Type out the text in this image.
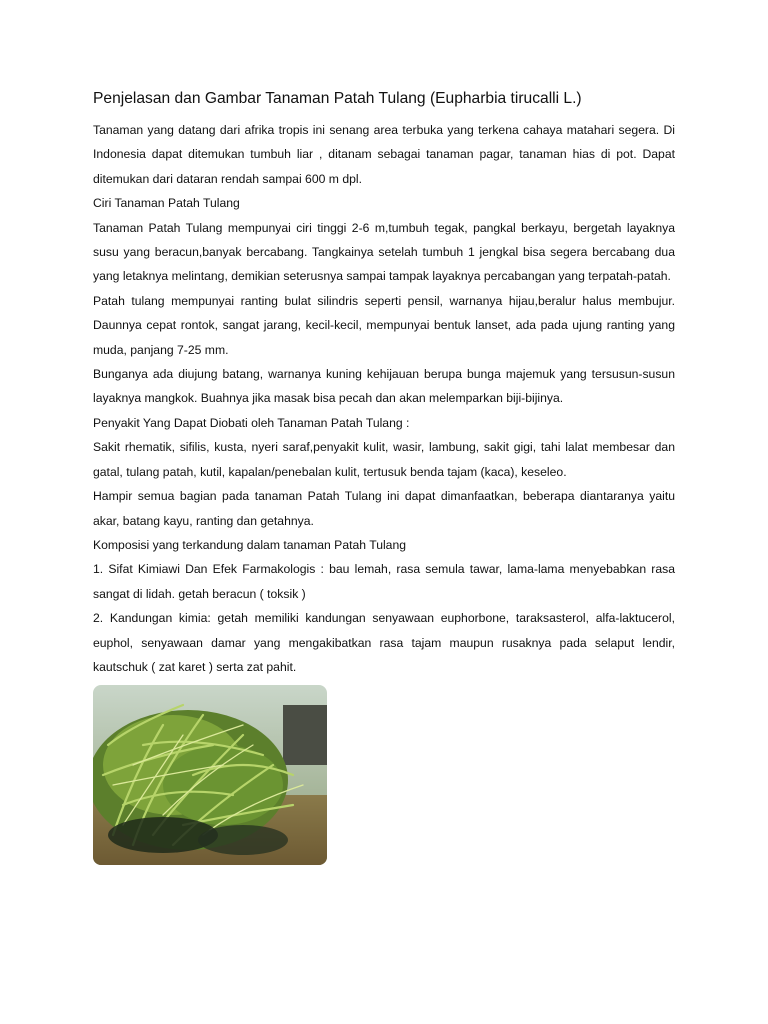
Penjelasan dan Gambar Tanaman Patah Tulang (Eupharbia tirucalli L.)

Tanaman yang datang dari afrika tropis ini senang area terbuka yang terkena cahaya matahari segera. Di Indonesia dapat ditemukan tumbuh liar , ditanam sebagai tanaman pagar, tanaman hias di pot. Dapat ditemukan dari dataran rendah sampai 600 m dpl.

Ciri Tanaman Patah Tulang

Tanaman Patah Tulang mempunyai ciri tinggi 2-6 m,tumbuh tegak, pangkal berkayu, bergetah layaknya susu yang beracun,banyak bercabang. Tangkainya setelah tumbuh 1 jengkal bisa segera bercabang dua yang letaknya melintang, demikian seterusnya sampai tampak layaknya percabangan yang terpatah-patah.

Patah tulang mempunyai ranting bulat silindris seperti pensil, warnanya hijau,beralur halus membujur. Daunnya cepat rontok, sangat jarang, kecil-kecil, mempunyai bentuk lanset, ada pada ujung ranting yang muda, panjang 7-25 mm.

Bunganya ada diujung batang, warnanya kuning kehijauan berupa bunga majemuk yang tersusun-susun layaknya mangkok. Buahnya jika masak bisa pecah dan akan melemparkan biji-bijinya.

Penyakit Yang Dapat Diobati oleh Tanaman Patah Tulang :

Sakit rhematik, sifilis, kusta, nyeri saraf,penyakit kulit, wasir, lambung, sakit gigi, tahi lalat membesar dan gatal, tulang patah, kutil, kapalan/penebalan kulit, tertusuk benda tajam (kaca), keseleo.

Hampir semua bagian pada tanaman Patah Tulang ini dapat dimanfaatkan, beberapa diantaranya yaitu akar, batang kayu, ranting dan getahnya.

Komposisi yang terkandung dalam tanaman Patah Tulang

1. Sifat Kimiawi Dan Efek Farmakologis : bau lemah, rasa semula tawar, lama-lama menyebabkan rasa sangat di lidah. getah beracun ( toksik )

2. Kandungan kimia: getah memiliki kandungan senyawaan euphorbone, taraksasterol, alfa-laktucerol, euphol, senyawaan damar yang mengakibatkan rasa tajam maupun rusaknya pada selaput lendir, kautschuk ( zat karet ) serta zat pahit.
